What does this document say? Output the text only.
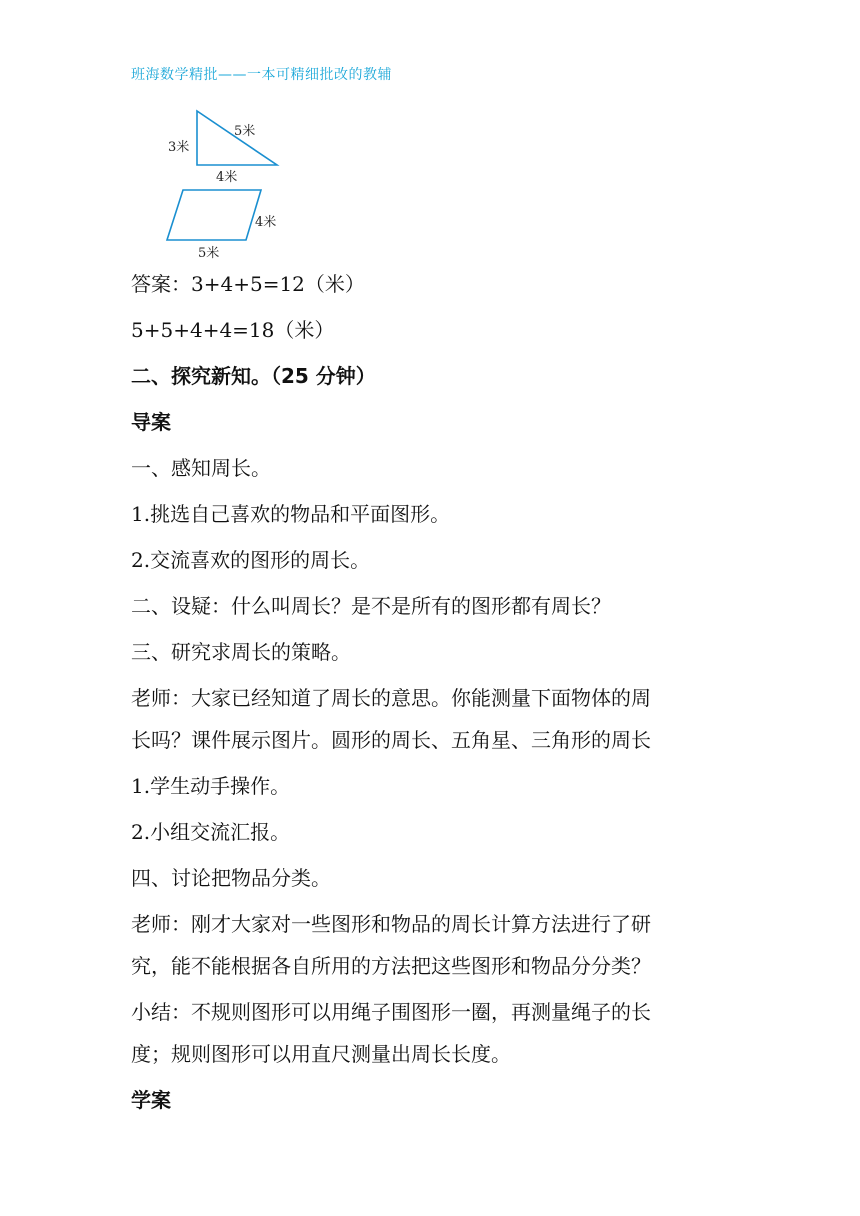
班海数学精批——一本可精细批改的教辅
3米
5米
4米
4米
5米
答案：3+4+5=12（米）
5+5+4+4=18（米）
二、探究新知。（25 分钟）
导案
一、感知周长。
1.挑选自己喜欢的物品和平面图形。
2.交流喜欢的图形的周长。
二、设疑：什么叫周长？是不是所有的图形都有周长？
三、研究求周长的策略。
老师：大家已经知道了周长的意思。你能测量下面物体的周
长吗？课件展示图片。圆形的周长、五角星、三角形的周长
1.学生动手操作。
2.小组交流汇报。
四、讨论把物品分类。
老师：刚才大家对一些图形和物品的周长计算方法进行了研
究，能不能根据各自所用的方法把这些图形和物品分分类？
小结：不规则图形可以用绳子围图形一圈，再测量绳子的长
度；规则图形可以用直尺测量出周长长度。
学案
